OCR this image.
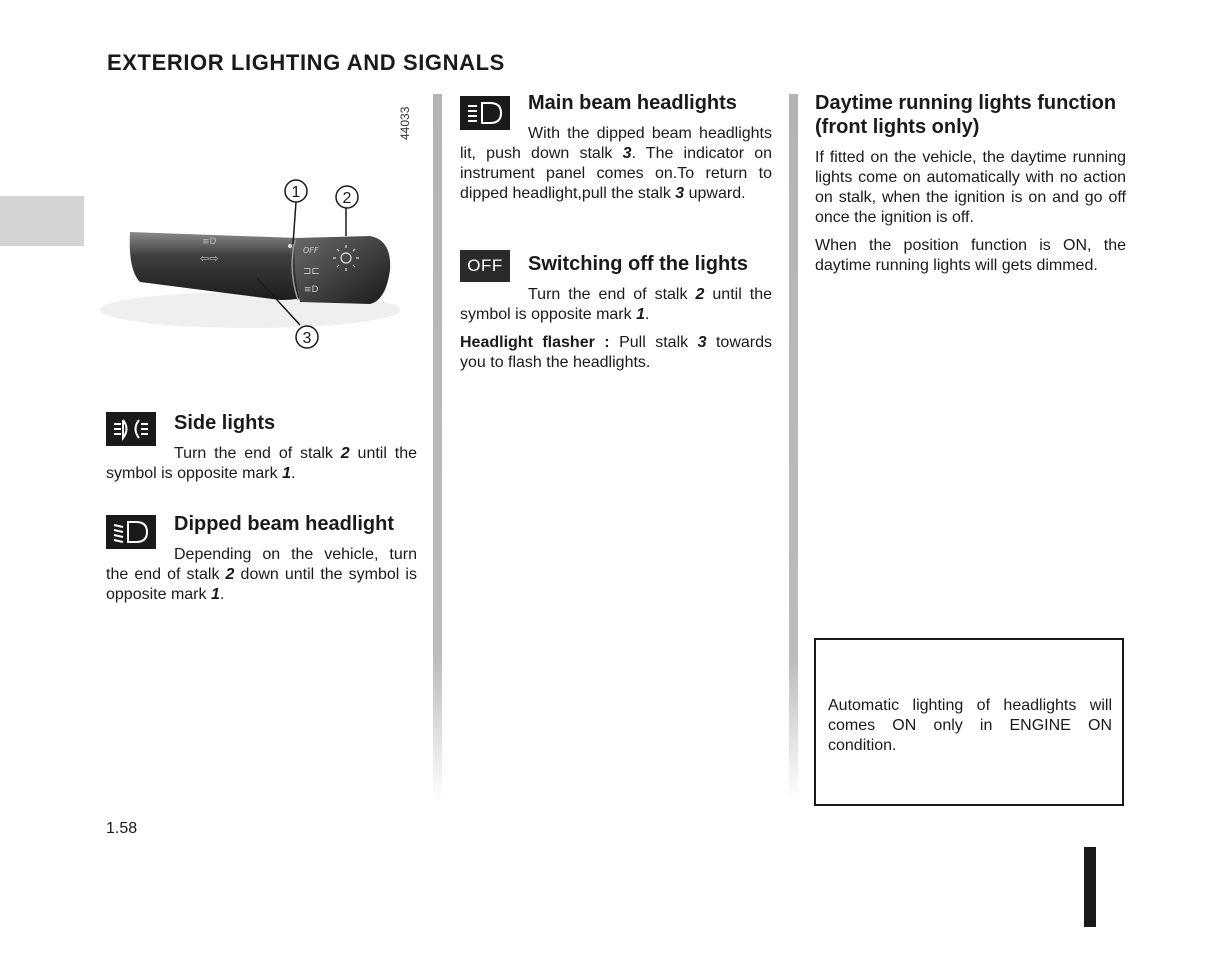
EXTERIOR LIGHTING AND SIGNALS
44033
≡D
⇦⇨
OFF
⊐⊏
≡D
1	2
3
Side lights
Turn the end of stalk 2 until the symbol is opposite mark 1.
Dipped beam headlight
Depending on the vehicle, turn the end of stalk 2 down until the symbol is opposite mark 1.
Main beam headlights
With the dipped beam headlights lit, push down stalk 3. The indicator on instrument panel comes on.To return to dipped headlight,pull the stalk 3 upward.
OFF	Switching off the lights
Turn the end of stalk 2 until the symbol is opposite mark 1.
Headlight flasher : Pull stalk 3 towards you to flash the headlights.
Daytime running lights function (front lights only)
If fitted on the vehicle, the daytime running lights come on automatically with no action on stalk, when the ignition is on and go off once the ignition is off.
When the position function is ON, the daytime running lights will gets dimmed.
Automatic lighting of headlights will comes ON only in ENGINE ON condition.
1.58
